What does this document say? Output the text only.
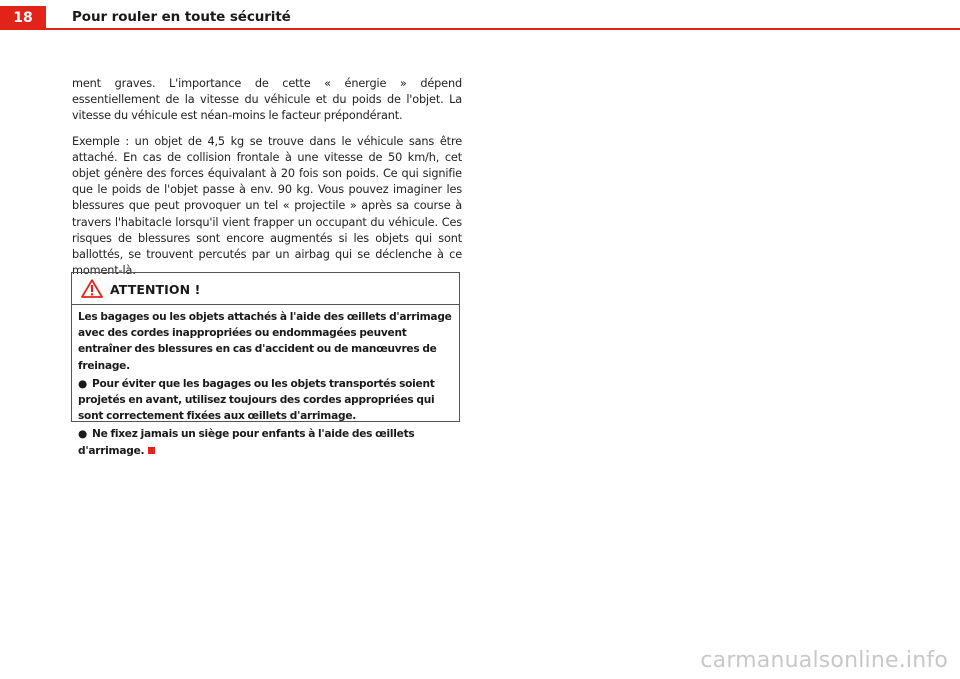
18	Pour rouler en toute sécurité

ment graves. L'importance de cette « énergie » dépend essentiellement de la vitesse du véhicule et du poids de l'objet. La vitesse du véhicule est néan-moins le facteur prépondérant.

Exemple : un objet de 4,5 kg se trouve dans le véhicule sans être attaché. En cas de collision frontale à une vitesse de 50 km/h, cet objet génère des forces équivalant à 20 fois son poids. Ce qui signifie que le poids de l'objet passe à env. 90 kg. Vous pouvez imaginer les blessures que peut provoquer un tel « projectile » après sa course à travers l'habitacle lorsqu'il vient frapper un occupant du véhicule. Ces risques de blessures sont encore augmentés si les objets qui sont ballottés, se trouvent percutés par un airbag qui se déclenche à ce moment-là.

ATTENTION !

Les bagages ou les objets attachés à l'aide des œillets d'arrimage avec des cordes inappropriées ou endommagées peuvent entraîner des blessures en cas d'accident ou de manœuvres de freinage.

● Pour éviter que les bagages ou les objets transportés soient projetés en avant, utilisez toujours des cordes appropriées qui sont correctement fixées aux œillets d'arrimage.

● Ne fixez jamais un siège pour enfants à l'aide des œillets d'arrimage.

carmanualsonline.info
